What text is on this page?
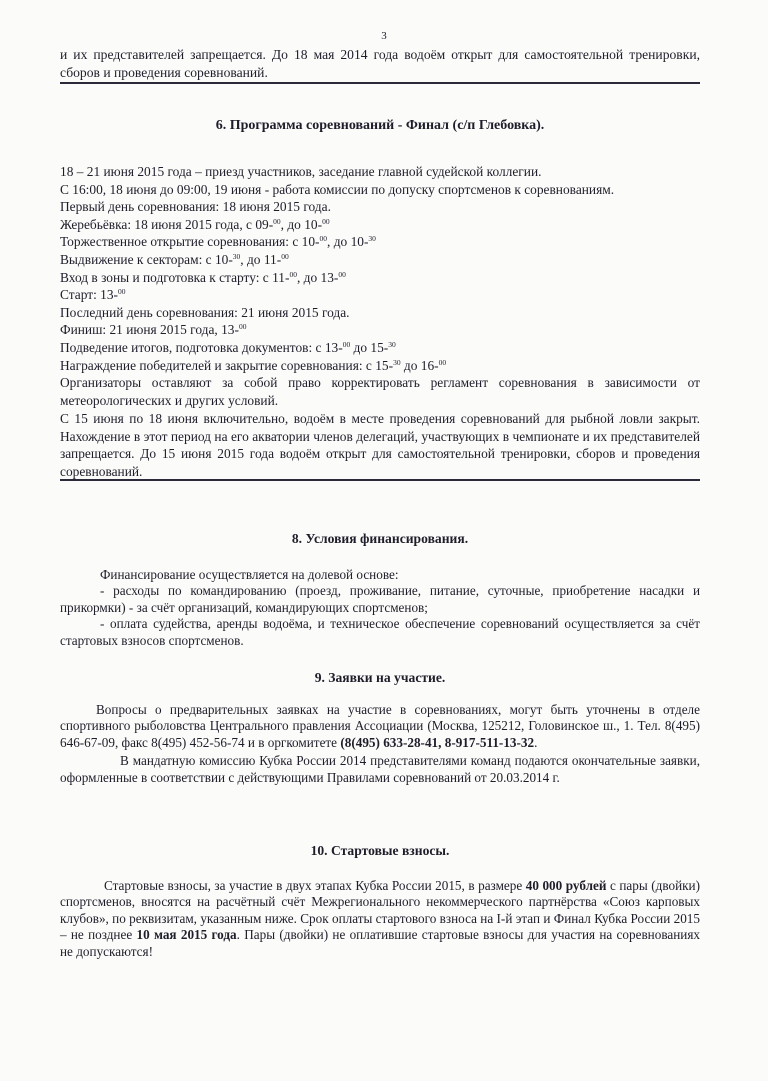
3

и их представителей запрещается. До 18 мая 2014 года водоём открыт для самостоятельной тренировки, сборов и проведения соревнований.

6. Программа соревнований - Финал (с/п Глебовка).

18 – 21 июня 2015 года – приезд участников, заседание главной судейской коллегии.

С 16:00, 18 июня до 09:00, 19 июня - работа комиссии по допуску спортсменов к соревнованиям.

Первый день соревнования: 18 июня 2015 года.

Жеребьёвка: 18 июня 2015 года, с 09-$^{00}$, до 10-$^{00}$

Торжественное открытие соревнования: с 10-$^{00}$, до 10-$^{30}$

Выдвижение к секторам: с 10-$^{30}$, до 11-$^{00}$

Вход в зоны и подготовка к старту: с 11-$^{00}$, до 13-$^{00}$

Старт: 13-$^{00}$

Последний день соревнования: 21 июня 2015 года.

Финиш: 21 июня 2015 года, 13-$^{00}$

Подведение итогов, подготовка документов: с 13-$^{00}$ до 15-$^{30}$

Награждение победителей и закрытие соревнования: с 15-$^{30}$ до 16-$^{00}$

Организаторы оставляют за собой право корректировать регламент соревнования в зависимости от метеорологических и других условий.

С 15 июня по 18 июня включительно, водоём в месте проведения соревнований для рыбной ловли закрыт. Нахождение в этот период на его акватории членов делегаций, участвующих в чемпионате и их представителей запрещается. До 15 июня 2015 года водоём открыт для самостоятельной тренировки, сборов и проведения соревнований.

8. Условия финансирования.

Финансирование осуществляется на долевой основе:

- расходы по командированию (проезд, проживание, питание, суточные, приобретение насадки и прикормки) - за счёт организаций, командирующих спортсменов;

- оплата судейства, аренды водоёма, и техническое обеспечение соревнований осуществляется за счёт стартовых взносов спортсменов.

9. Заявки на участие.

Вопросы о предварительных заявках на участие в соревнованиях, могут быть уточнены в отделе спортивного рыболовства Центрального правления Ассоциации (Москва, 125212, Головинское ш., 1. Тел. 8(495) 646-67-09, факс 8(495) 452-56-74 и в оргкомитете (8(495) 633-28-41, 8-917-511-13-32.

В мандатную комиссию Кубка России 2014 представителями команд подаются окончательные заявки, оформленные в соответствии с действующими Правилами соревнований от 20.03.2014 г.

10. Стартовые взносы.

Стартовые взносы, за участие в двух этапах Кубка России 2015, в размере 40 000 рублей с пары (двойки) спортсменов, вносятся на расчётный счёт Межрегионального некоммерческого партнёрства «Союз карповых клубов», по реквизитам, указанным ниже. Срок оплаты стартового взноса на I-й этап и Финал Кубка России 2015 – не позднее 10 мая 2015 года. Пары (двойки) не оплатившие стартовые взносы для участия на соревнованиях не допускаются!
